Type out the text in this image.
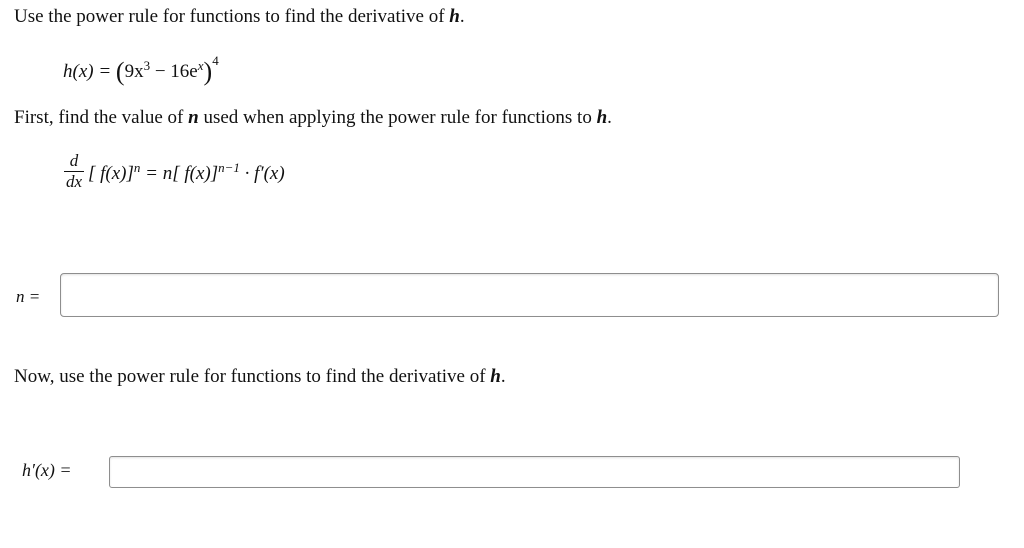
Use the power rule for functions to find the derivative of h.
$h(x) = (9x^3 - 16e^x)^4$
First, find the value of n used when applying the power rule for functions to h.
d
dx [ f(x)]$^n$ = n[ f(x)]$^{n-1}$ · f′(x)
n =
Now, use the power rule for functions to find the derivative of h.
h′(x) =
